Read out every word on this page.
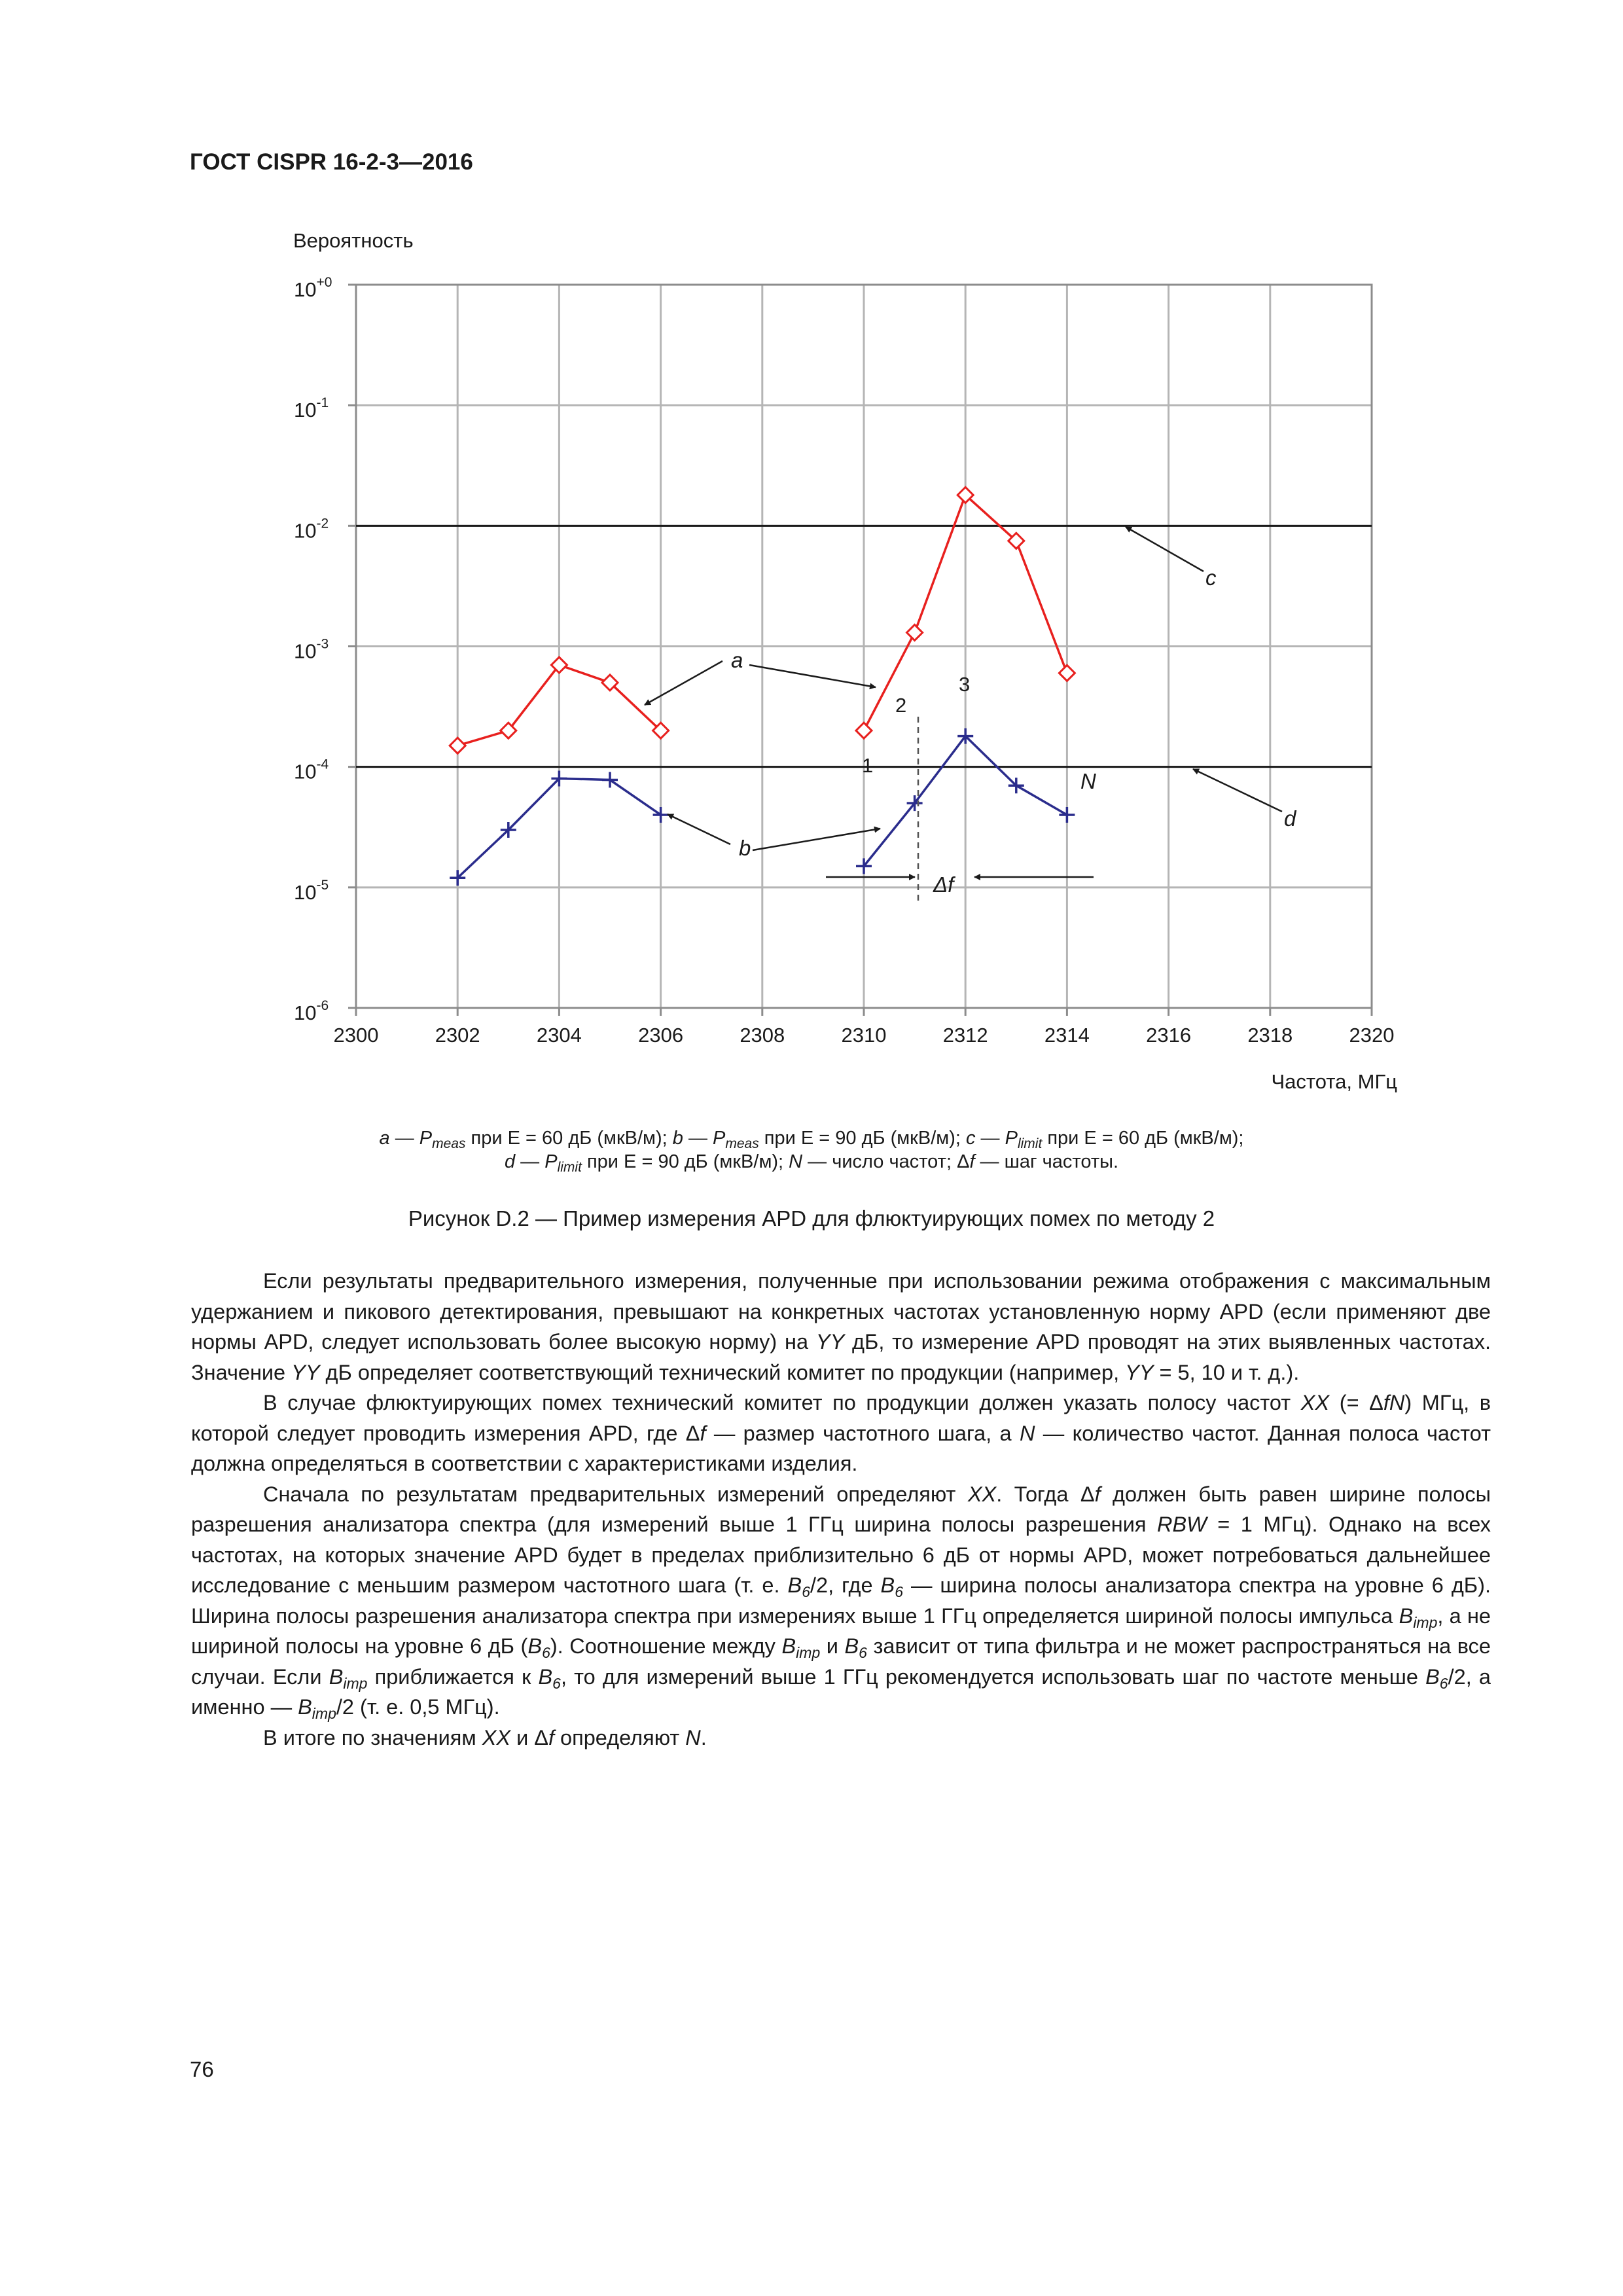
ГОСТ CISPR 16-2-3—2016
2300	2302	2304	2306	2308	2310	2312	2314	2316	2318	2320
$10^{+0}$
$10^{-1}$
$10^{-2}$
$10^{-3}$
$10^{-4}$
$10^{-5}$
$10^{-6}$
Вероятность
Частота, МГц
a
b
c
d
1
2
3
N
Δf
a — $P_{meas}$ при E = 60 дБ (мкВ/м); b — $P_{meas}$ при E = 90 дБ (мкВ/м); c — $P_{limit}$ при E = 60 дБ (мкВ/м);
d — $P_{limit}$ при E = 90 дБ (мкВ/м); N — число частот; Δf — шаг частоты.
Рисунок D.2 — Пример измерения APD для флюктуирующих помех по методу 2

Если результаты предварительного измерения, полученные при использовании режима отображения с максимальным удержанием и пикового детектирования, превышают на конкретных частотах установленную норму APD (если применяют две нормы APD, следует использовать более высокую норму) на YY дБ, то измерение APD проводят на этих выявленных частотах. Значение YY дБ определяет соответствующий технический комитет по продукции (например, YY = 5, 10 и т. д.).

В случае флюктуирующих помех технический комитет по продукции должен указать полосу частот XX (= ΔfN) МГц, в которой следует проводить измерения APD, где Δf — размер частотного шага, а N — количество частот. Данная полоса частот должна определяться в соответствии с характеристиками изделия.

Сначала по результатам предварительных измерений определяют XX. Тогда Δf должен быть равен ширине полосы разрешения анализатора спектра (для измерений выше 1 ГГц ширина полосы разрешения RBW = 1 МГц). Однако на всех частотах, на которых значение APD будет в пределах приблизительно 6 дБ от нормы APD, может потребоваться дальнейшее исследование с меньшим размером частотного шага (т. е. $B_6/2$, где $B_6$ — ширина полосы анализатора спектра на уровне 6 дБ). Ширина полосы разрешения анализатора спектра при измерениях выше 1 ГГц определяется шириной полосы импульса $B_{imp}$, а не шириной полосы на уровне 6 дБ $(B_6)$. Соотношение между $B_{imp}$ и $B_6$ зависит от типа фильтра и не может распространяться на все случаи. Если $B_{imp}$ приближается к $B_6$, то для измерений выше 1 ГГц рекомендуется использовать шаг по частоте меньше $B_6/2$, а именно — $B_{imp}/2$ (т. е. 0,5 МГц).

В итоге по значениям XX и Δf определяют N.

76
